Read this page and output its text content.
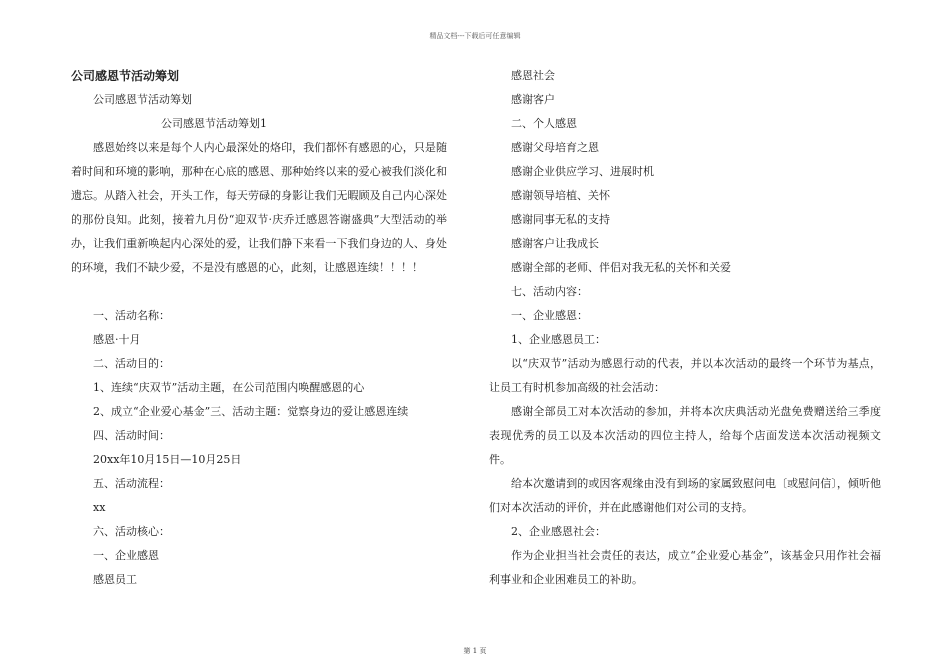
精品文档---下载后可任意编辑

公司感恩节活动筹划

公司感恩节活动筹划

公司感恩节活动筹划1

感恩始终以来是每个人内心最深处的烙印，我们都怀有感恩的心，只是随着时间和环境的影响，那种在心底的感恩、那种始终以来的爱心被我们淡化和遗忘。从踏入社会，开头工作，每天劳碌的身影让我们无暇顾及自己内心深处的那份良知。此刻，接着九月份“迎双节·庆乔迁感恩答谢盛典”大型活动的举办，让我们重新唤起内心深处的爱，让我们静下来看一下我们身边的人、身处的环境，我们不缺少爱，不是没有感恩的心，此刻，让感恩连续！！！！

一、活动名称：

感恩·十月

二、活动目的：

1、连续“庆双节”活动主题，在公司范围内唤醒感恩的心

2、成立“企业爱心基金”三、活动主题：觉察身边的爱让感恩连续

四、活动时间：

20xx年10月15日—10月25日

五、活动流程：

xx

六、活动核心：

一、企业感恩

感恩员工

感恩社会

感谢客户

二、个人感恩

感谢父母培育之恩

感谢企业供应学习、进展时机

感谢领导培植、关怀

感谢同事无私的支持

感谢客户让我成长

感谢全部的老师、伴侣对我无私的关怀和关爱

七、活动内容：

一、企业感恩：

1、企业感恩员工：

以“庆双节”活动为感恩行动的代表，并以本次活动的最终一个环节为基点，让员工有时机参加高级的社会活动：

感谢全部员工对本次活动的参加，并将本次庆典活动光盘免费赠送给三季度表现优秀的员工以及本次活动的四位主持人，给每个店面发送本次活动视频文件。

给本次邀请到的或因客观缘由没有到场的家属致慰问电〔或慰问信〕，倾听他们对本次活动的评价，并在此感谢他们对公司的支持。

2、企业感恩社会：

作为企业担当社会责任的表达，成立“企业爱心基金”，该基金只用作社会福利事业和企业困难员工的补助。

第 1 页
